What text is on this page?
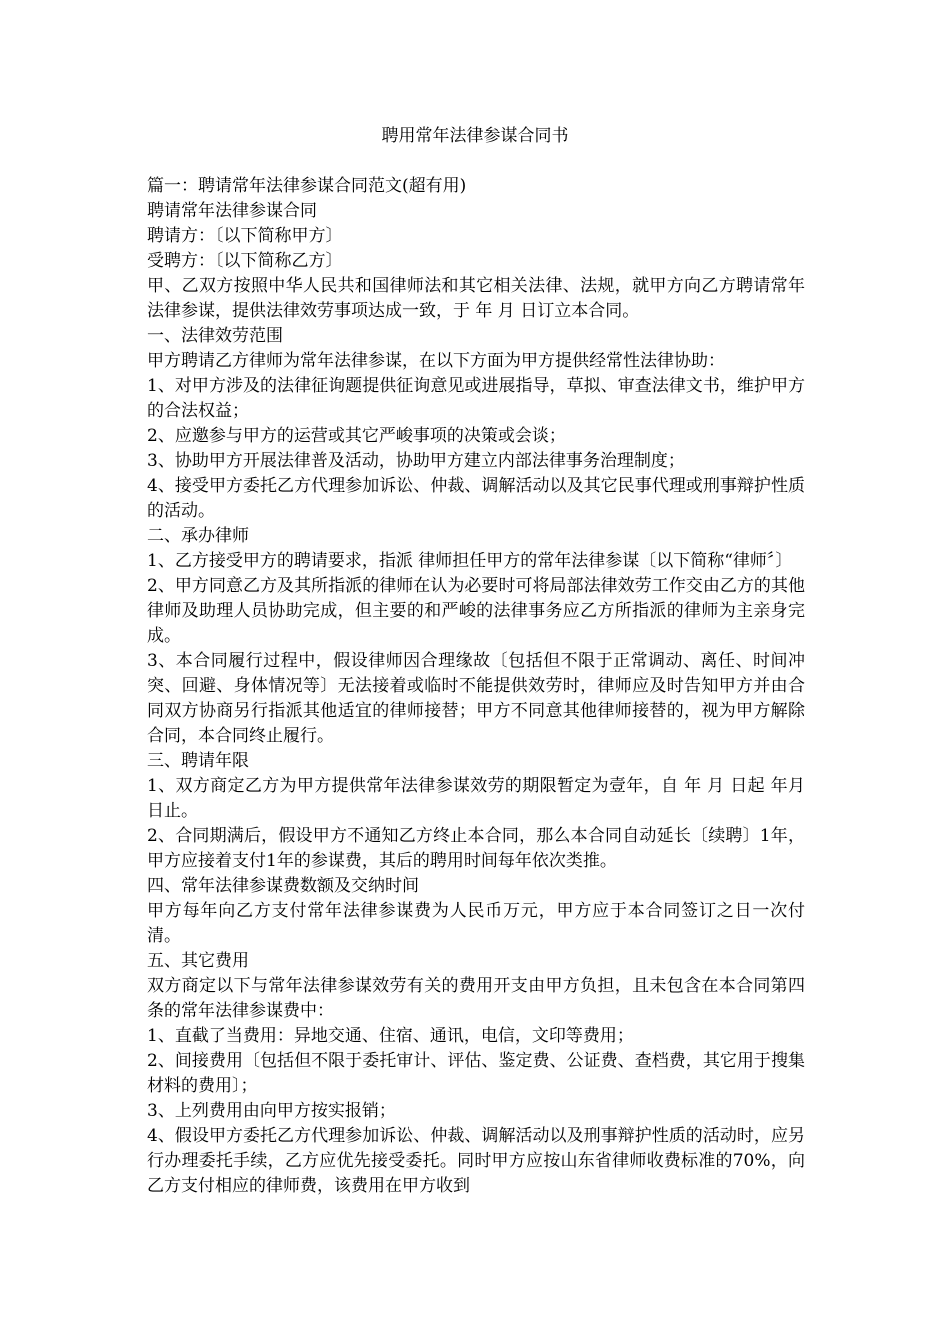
聘用常年法律参谋合同书

篇一：聘请常年法律参谋合同范文(超有用)

聘请常年法律参谋合同

聘请方：〔以下简称甲方〕

受聘方：〔以下简称乙方〕

甲、乙双方按照中华人民共和国律师法和其它相关法律、法规，就甲方向乙方聘请常年法律参谋，提供法律效劳事项达成一致，于 年 月 日订立本合同。

一、法律效劳范围

甲方聘请乙方律师为常年法律参谋，在以下方面为甲方提供经常性法律协助：

1、对甲方涉及的法律征询题提供征询意见或进展指导，草拟、审查法律文书，维护甲方的合法权益；

2、应邀参与甲方的运营或其它严峻事项的决策或会谈；

3、协助甲方开展法律普及活动，协助甲方建立内部法律事务治理制度；

4、接受甲方委托乙方代理参加诉讼、仲裁、调解活动以及其它民事代理或刑事辩护性质的活动。

二、承办律师

1、乙方接受甲方的聘请要求，指派 律师担任甲方的常年法律参谋〔以下简称“律师〞〕

2、甲方同意乙方及其所指派的律师在认为必要时可将局部法律效劳工作交由乙方的其他律师及助理人员协助完成，但主要的和严峻的法律事务应乙方所指派的律师为主亲身完成。

3、本合同履行过程中，假设律师因合理缘故〔包括但不限于正常调动、离任、时间冲突、回避、身体情况等〕无法接着或临时不能提供效劳时，律师应及时告知甲方并由合同双方协商另行指派其他适宜的律师接替；甲方不同意其他律师接替的，视为甲方解除合同，本合同终止履行。

三、聘请年限

1、双方商定乙方为甲方提供常年法律参谋效劳的期限暂定为壹年，自 年 月 日起 年月 日止。

2、合同期满后，假设甲方不通知乙方终止本合同，那么本合同自动延长〔续聘〕1年，甲方应接着支付1年的参谋费，其后的聘用时间每年依次类推。

四、常年法律参谋费数额及交纳时间

甲方每年向乙方支付常年法律参谋费为人民币万元，甲方应于本合同签订之日一次付清。

五、其它费用

双方商定以下与常年法律参谋效劳有关的费用开支由甲方负担，且未包含在本合同第四条的常年法律参谋费中：

1、直截了当费用：异地交通、住宿、通讯，电信，文印等费用；

2、间接费用〔包括但不限于委托审计、评估、鉴定费、公证费、查档费，其它用于搜集材料的费用〕；

3、上列费用由向甲方按实报销；

4、假设甲方委托乙方代理参加诉讼、仲裁、调解活动以及刑事辩护性质的活动时，应另行办理委托手续，乙方应优先接受委托。同时甲方应按山东省律师收费标准的70%，向乙方支付相应的律师费，该费用在甲方收到
